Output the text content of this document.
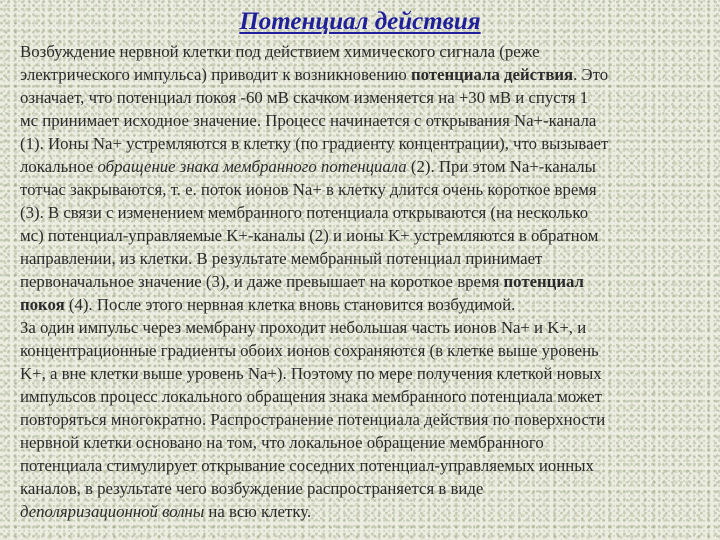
Потенциал действия
Возбуждение нервной клетки под действием химического сигнала (реже
электрического импульса) приводит к возникновению потенциала действия. Это
означает, что потенциал покоя -60 мВ скачком изменяется на +30 мВ и спустя 1
мс принимает исходное значение. Процесс начинается с открывания Na+-канала
(1). Ионы Na+ устремляются в клетку (по градиенту концентрации), что вызывает
локальное обращение знака мембранного потенциала (2). При этом Na+-каналы
тотчас закрываются, т. е. поток ионов Na+ в клетку длится очень короткое время
(3). В связи с изменением мембранного потенциала открываются (на несколько
мс) потенциал-управляемые K+-каналы (2) и ионы K+ устремляются в обратном
направлении, из клетки. В результате мембранный потенциал принимает
первоначальное значение (3), и даже превышает на короткое время потенциал
покоя (4). После этого нервная клетка вновь становится возбудимой.
За один импульс через мембрану проходит небольшая часть ионов Na+ и K+, и
концентрационные градиенты обоих ионов сохраняются (в клетке выше уровень
K+, а вне клетки выше уровень Na+). Поэтому по мере получения клеткой новых
импульсов процесс локального обращения знака мембранного потенциала может
повторяться многократно. Распространение потенциала действия по поверхности
нервной клетки основано на том, что локальное обращение мембранного
потенциала стимулирует открывание соседних потенциал-управляемых ионных
каналов, в результате чего возбуждение распространяется в виде
деполяризационной волны на всю клетку.
